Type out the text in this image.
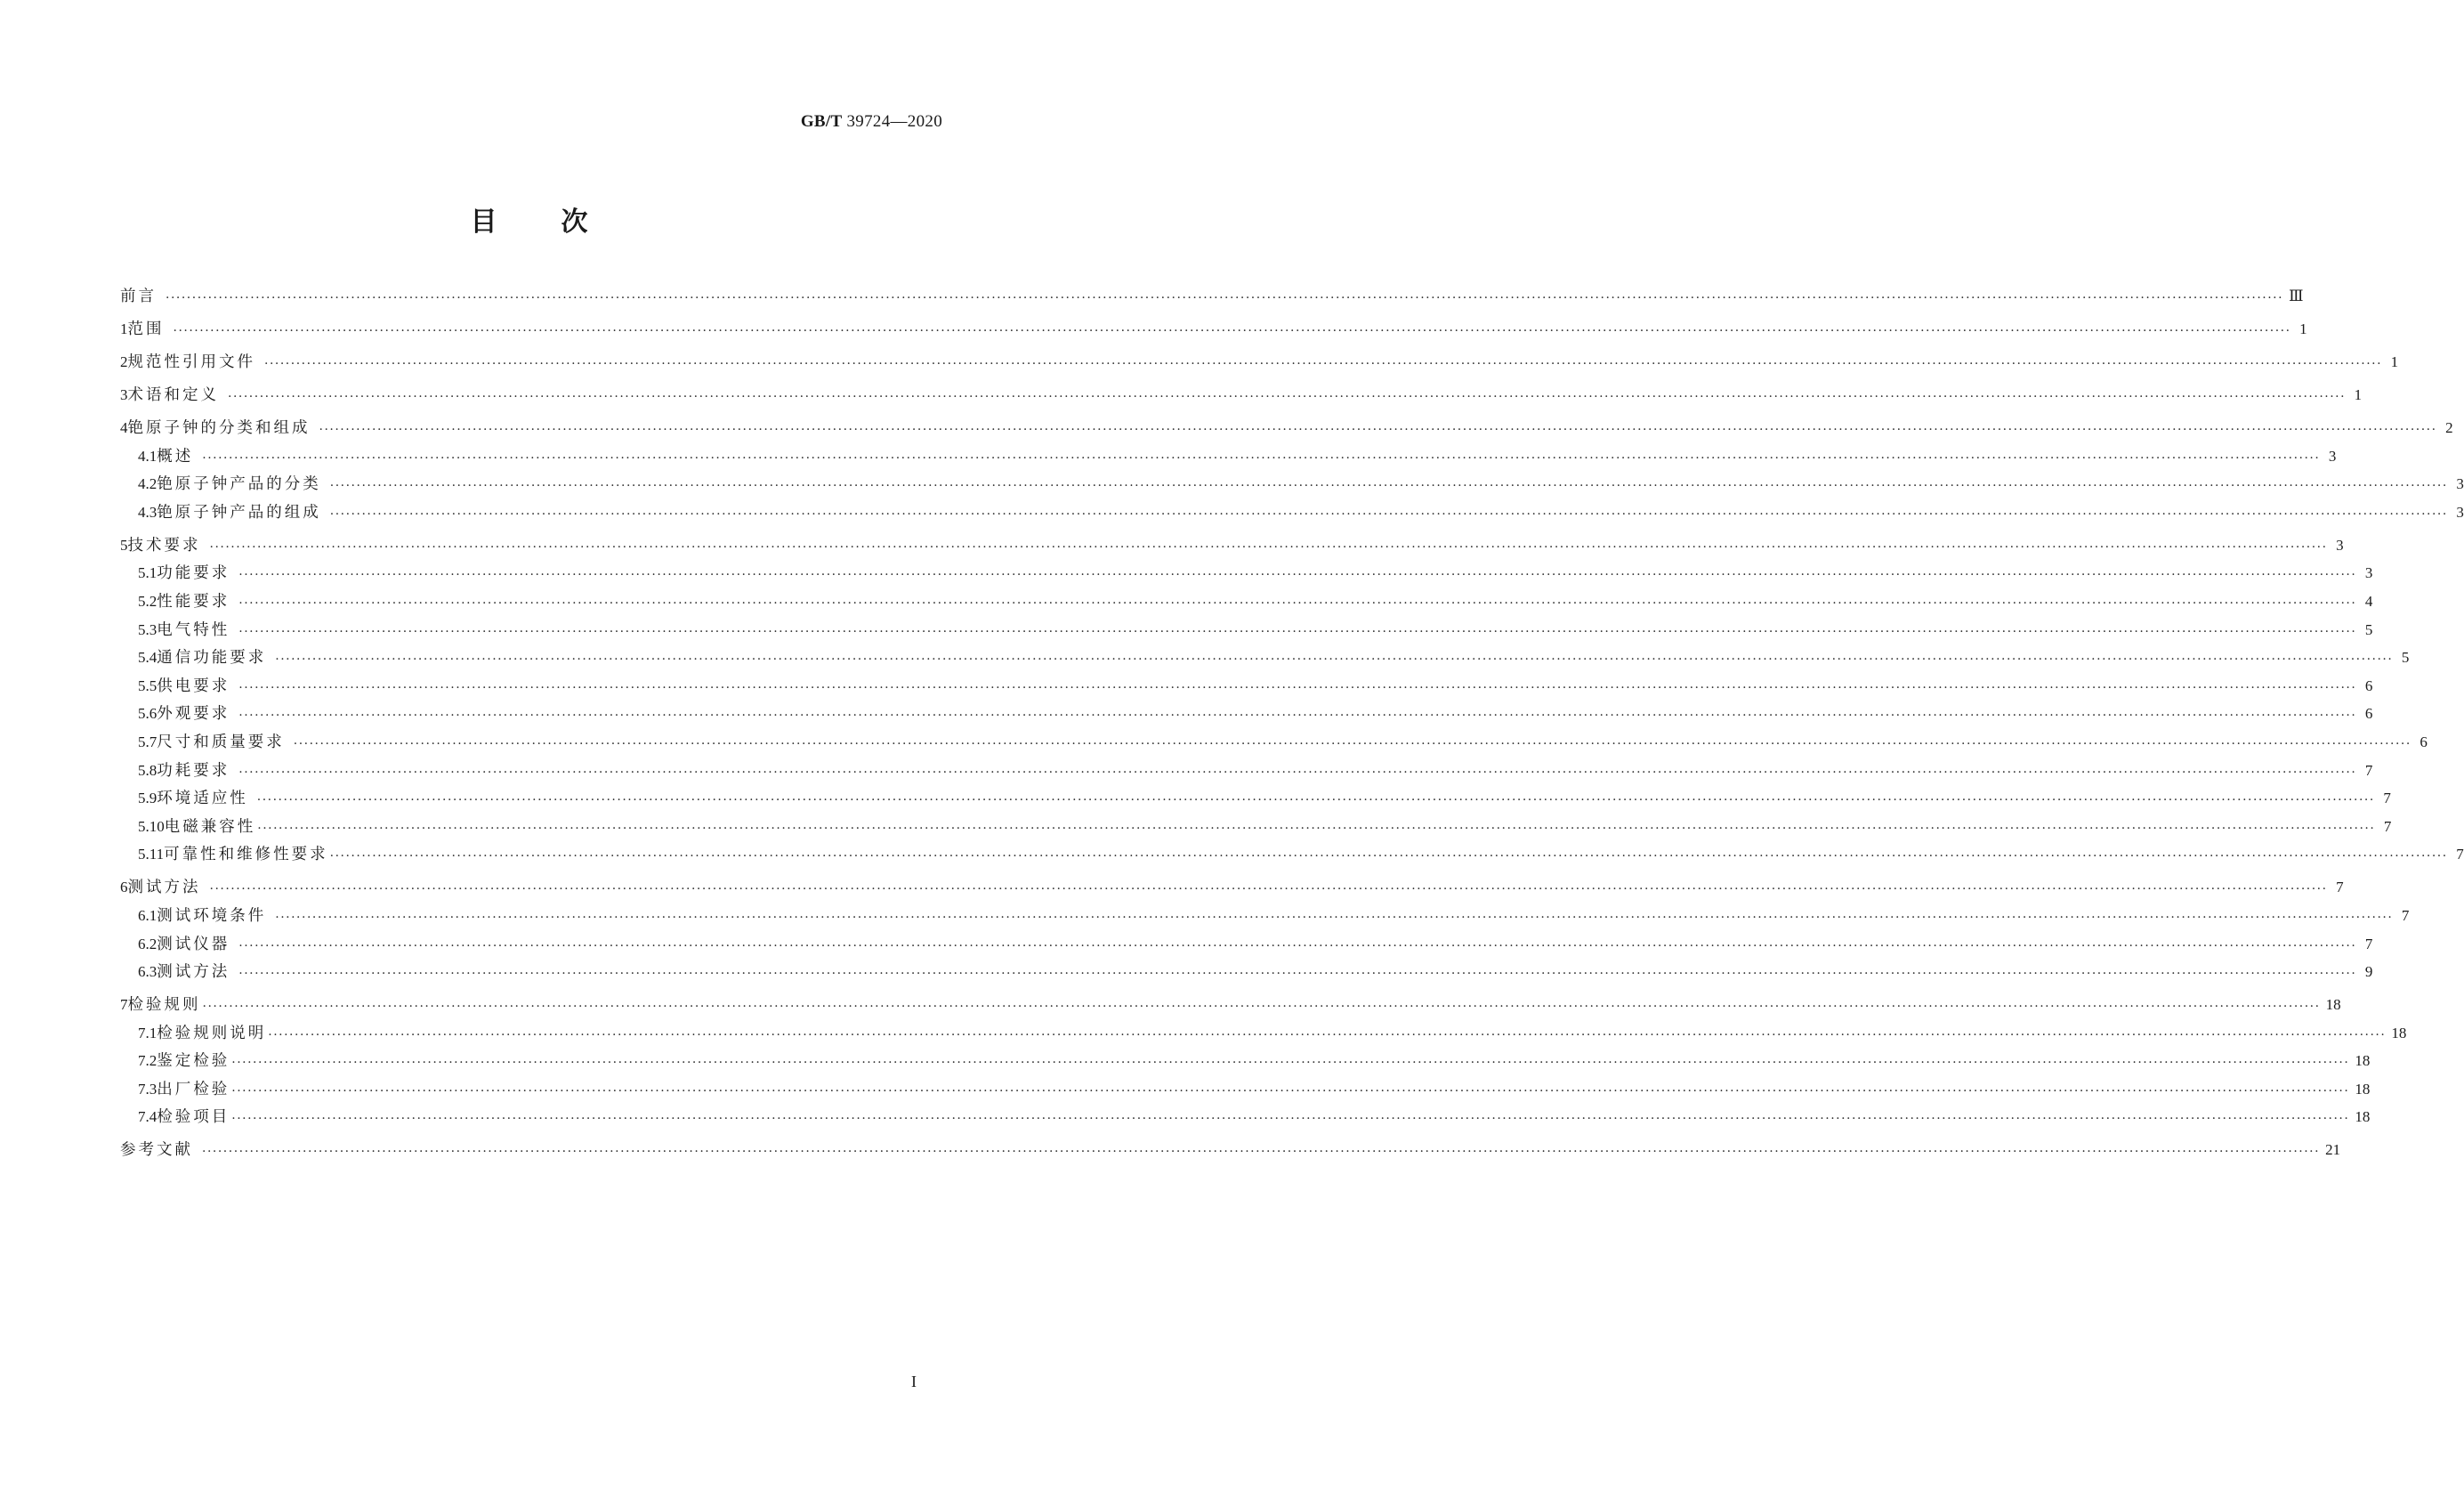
GB/T 39724—2020
目 次
前言 ················································································································································································································································································································································································································ Ⅲ
1 范围 ················································································································································································································································································································································································································ 1
2 规范性引用文件 ················································································································································································································································································································································································································ 1
3 术语和定义 ················································································································································································································································································································································································································ 1
4 铯原子钟的分类和组成 ················································································································································································································································································································································································································ 2
4.1 概述 ················································································································································································································································································································································································································ 3
4.2 铯原子钟产品的分类 ················································································································································································································································································································································································································ 3
4.3 铯原子钟产品的组成 ················································································································································································································································································································································································································ 3
5 技术要求 ················································································································································································································································································································································································································ 3
5.1 功能要求 ················································································································································································································································································································································································································ 3
5.2 性能要求 ················································································································································································································································································································································································································ 4
5.3 电气特性 ················································································································································································································································································································································································································ 5
5.4 通信功能要求 ················································································································································································································································································································································································································ 5
5.5 供电要求 ················································································································································································································································································································································································································ 6
5.6 外观要求 ················································································································································································································································································································································································································ 6
5.7 尺寸和质量要求 ················································································································································································································································································································································································································ 6
5.8 功耗要求 ················································································································································································································································································································································································································ 7
5.9 环境适应性 ················································································································································································································································································································································································································ 7
5.10 电磁兼容性 ················································································································································································································································································································································································································ 7
5.11 可靠性和维修性要求 ················································································································································································································································································································································································································ 7
6 测试方法 ················································································································································································································································································································································································································ 7
6.1 测试环境条件 ················································································································································································································································································································································································································ 7
6.2 测试仪器 ················································································································································································································································································································································································································ 7
6.3 测试方法 ················································································································································································································································································································································································································ 9
7 检验规则 ················································································································································································································································································································································································································ 18
7.1 检验规则说明 ················································································································································································································································································································································································································ 18
7.2 鉴定检验 ················································································································································································································································································································································································································ 18
7.3 出厂检验 ················································································································································································································································································································································································································ 18
7.4 检验项目 ················································································································································································································································································································································································································ 18
参考文献 ················································································································································································································································································································································································································ 21
I
